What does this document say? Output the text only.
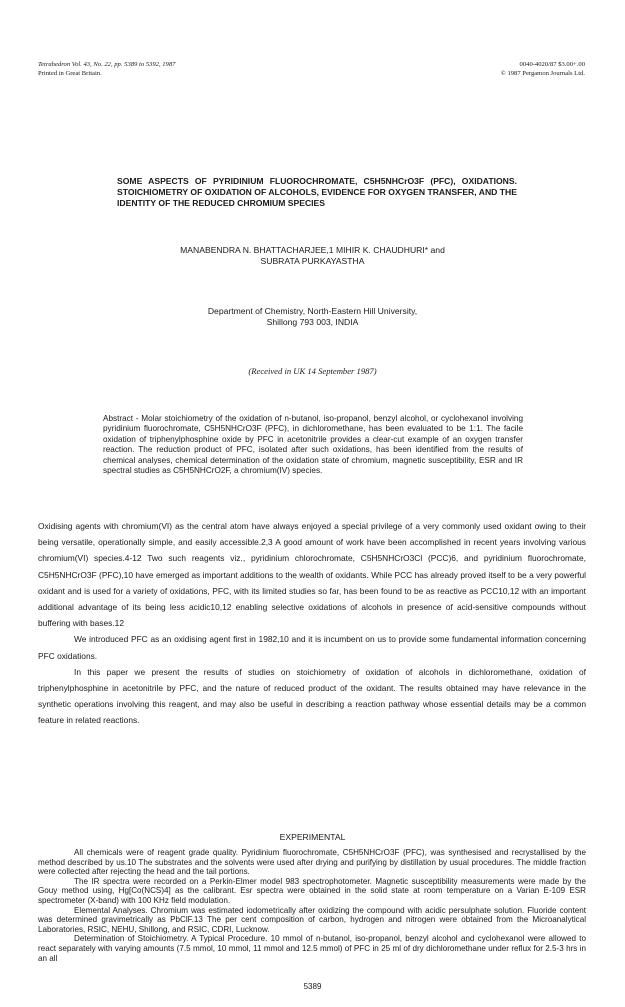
Tetrahedron Vol. 43, No. 22, pp. 5389 to 5392, 1987
Printed in Great Britain.
0040-4020/87 $3.00+.00
© 1987 Pergamon Journals Ltd.
SOME ASPECTS OF PYRIDINIUM FLUOROCHROMATE, C5H5NHCrO3F (PFC), OXIDATIONS. STOICHIOMETRY OF OXIDATION OF ALCOHOLS, EVIDENCE FOR OXYGEN TRANSFER, AND THE IDENTITY OF THE REDUCED CHROMIUM SPECIES
MANABENDRA N. BHATTACHARJEE,1 MIHIR K. CHAUDHURI* and
SUBRATA PURKAYASTHA
Department of Chemistry, North-Eastern Hill University,
Shillong 793 003, INDIA
(Received in UK 14 September 1987)
Abstract - Molar stoichiometry of the oxidation of n-butanol, iso-propanol, benzyl alcohol, or cyclohexanol involving pyridinium fluorochromate, C5H5NHCrO3F (PFC), in dichloromethane, has been evaluated to be 1:1. The facile oxidation of triphenylphosphine oxide by PFC in acetonitrile provides a clear-cut example of an oxygen transfer reaction. The reduction product of PFC, isolated after such oxidations, has been identified from the results of chemical analyses, chemical determination of the oxidation state of chromium, magnetic susceptibility, ESR and IR spectral studies as C5H5NHCrO2F, a chromium(IV) species.

Oxidising agents with chromium(VI) as the central atom have always enjoyed a special privilege of a very commonly used oxidant owing to their being versatile, operationally simple, and easily accessible.2,3 A good amount of work have been accomplished in recent years involving various chromium(VI) species.4-12 Two such reagents viz., pyridinium chlorochromate, C5H5NHCrO3Cl (PCC)6, and pyridinium fluorochromate, C5H5NHCrO3F (PFC),10 have emerged as important additions to the wealth of oxidants. While PCC has already proved itself to be a very powerful oxidant and is used for a variety of oxidations, PFC, with its limited studies so far, has been found to be as reactive as PCC10,12 with an important additional advantage of its being less acidic10,12 enabling selective oxidations of alcohols in presence of acid-sensitive compounds without buffering with bases.12

We introduced PFC as an oxidising agent first in 1982,10 and it is incumbent on us to provide some fundamental information concerning PFC oxidations.

In this paper we present the results of studies on stoichiometry of oxidation of alcohols in dichloromethane, oxidation of triphenylphosphine in acetonitrile by PFC, and the nature of reduced product of the oxidant. The results obtained may have relevance in the synthetic operations involving this reagent, and may also be useful in describing a reaction pathway whose essential details may be a common feature in related reactions.

EXPERIMENTAL

All chemicals were of reagent grade quality. Pyridinium fluorochromate, C5H5NHCrO3F (PFC), was synthesised and recrystallised by the method described by us.10 The substrates and the solvents were used after drying and purifying by distillation by usual procedures. The middle fraction were collected after rejecting the head and the tail portions.

The IR spectra were recorded on a Perkin-Elmer model 983 spectrophotometer. Magnetic susceptibility measurements were made by the Gouy method using, Hg[Co(NCS)4] as the calibrant. Esr spectra were obtained in the solid state at room temperature on a Varian E-109 ESR spectrometer (X-band) with 100 KHz field modulation.

Elemental Analyses. Chromium was estimated iodometrically after oxidizing the compound with acidic persulphate solution. Fluoride content was determined gravimetrically as PbClF.13 The per cent composition of carbon, hydrogen and nitrogen were obtained from the Microanalytical Laboratories, RSIC, NEHU, Shillong, and RSIC, CDRI, Lucknow.

Determination of Stoichiometry. A Typical Procedure. 10 mmol of n-butanol, iso-propanol, benzyl alcohol and cyclohexanol were allowed to react separately with varying amounts (7.5 mmol, 10 mmol, 11 mmol and 12.5 mmol) of PFC in 25 ml of dry dichloromethane under reflux for 2.5-3 hrs in an all

5389
